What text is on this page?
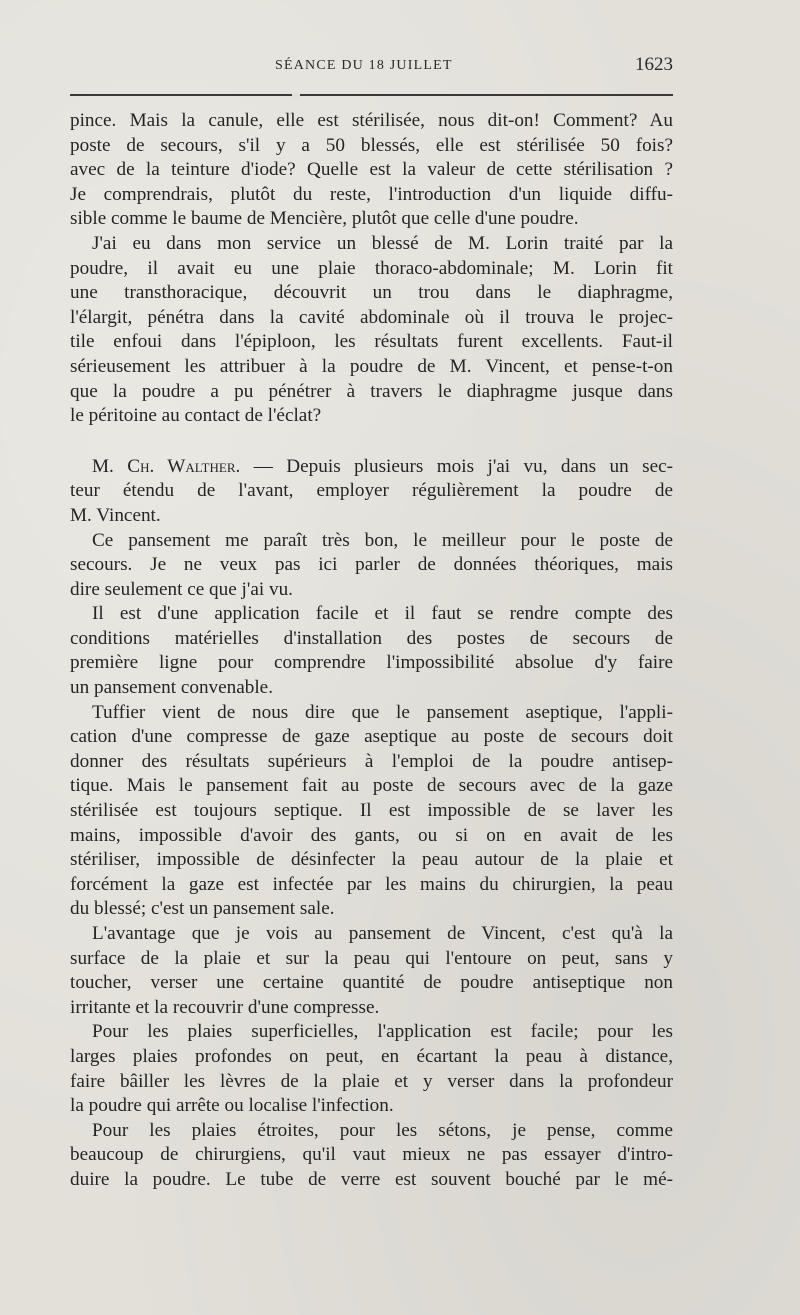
SÉANCE DU 18 JUILLET	1623
pince. Mais la canule, elle est stérilisée, nous dit-on! Comment? Au
poste de secours, s'il y a 50 blessés, elle est stérilisée 50 fois?
avec de la teinture d'iode? Quelle est la valeur de cette stérilisation ?
Je comprendrais, plutôt du reste, l'introduction d'un liquide diffu-
sible comme le baume de Mencière, plutôt que celle d'une poudre.
J'ai eu dans mon service un blessé de M. Lorin traité par la
poudre, il avait eu une plaie thoraco-abdominale; M. Lorin fit
une transthoracique, découvrit un trou dans le diaphragme,
l'élargit, pénétra dans la cavité abdominale où il trouva le projec-
tile enfoui dans l'épiploon, les résultats furent excellents. Faut-il
sérieusement les attribuer à la poudre de M. Vincent, et pense-t-on
que la poudre a pu pénétrer à travers le diaphragme jusque dans
le péritoine au contact de l'éclat?
M. Ch. Walther. — Depuis plusieurs mois j'ai vu, dans un sec-
teur étendu de l'avant, employer régulièrement la poudre de
M. Vincent.
Ce pansement me paraît très bon, le meilleur pour le poste de
secours. Je ne veux pas ici parler de données théoriques, mais
dire seulement ce que j'ai vu.
Il est d'une application facile et il faut se rendre compte des
conditions matérielles d'installation des postes de secours de
première ligne pour comprendre l'impossibilité absolue d'y faire
un pansement convenable.
Tuffier vient de nous dire que le pansement aseptique, l'appli-
cation d'une compresse de gaze aseptique au poste de secours doit
donner des résultats supérieurs à l'emploi de la poudre antisep-
tique. Mais le pansement fait au poste de secours avec de la gaze
stérilisée est toujours septique. Il est impossible de se laver les
mains, impossible d'avoir des gants, ou si on en avait de les
stériliser, impossible de désinfecter la peau autour de la plaie et
forcément la gaze est infectée par les mains du chirurgien, la peau
du blessé; c'est un pansement sale.
L'avantage que je vois au pansement de Vincent, c'est qu'à la
surface de la plaie et sur la peau qui l'entoure on peut, sans y
toucher, verser une certaine quantité de poudre antiseptique non
irritante et la recouvrir d'une compresse.
Pour les plaies superficielles, l'application est facile; pour les
larges plaies profondes on peut, en écartant la peau à distance,
faire bâiller les lèvres de la plaie et y verser dans la profondeur
la poudre qui arrête ou localise l'infection.
Pour les plaies étroites, pour les sétons, je pense, comme
beaucoup de chirurgiens, qu'il vaut mieux ne pas essayer d'intro-
duire la poudre. Le tube de verre est souvent bouché par le mé-
